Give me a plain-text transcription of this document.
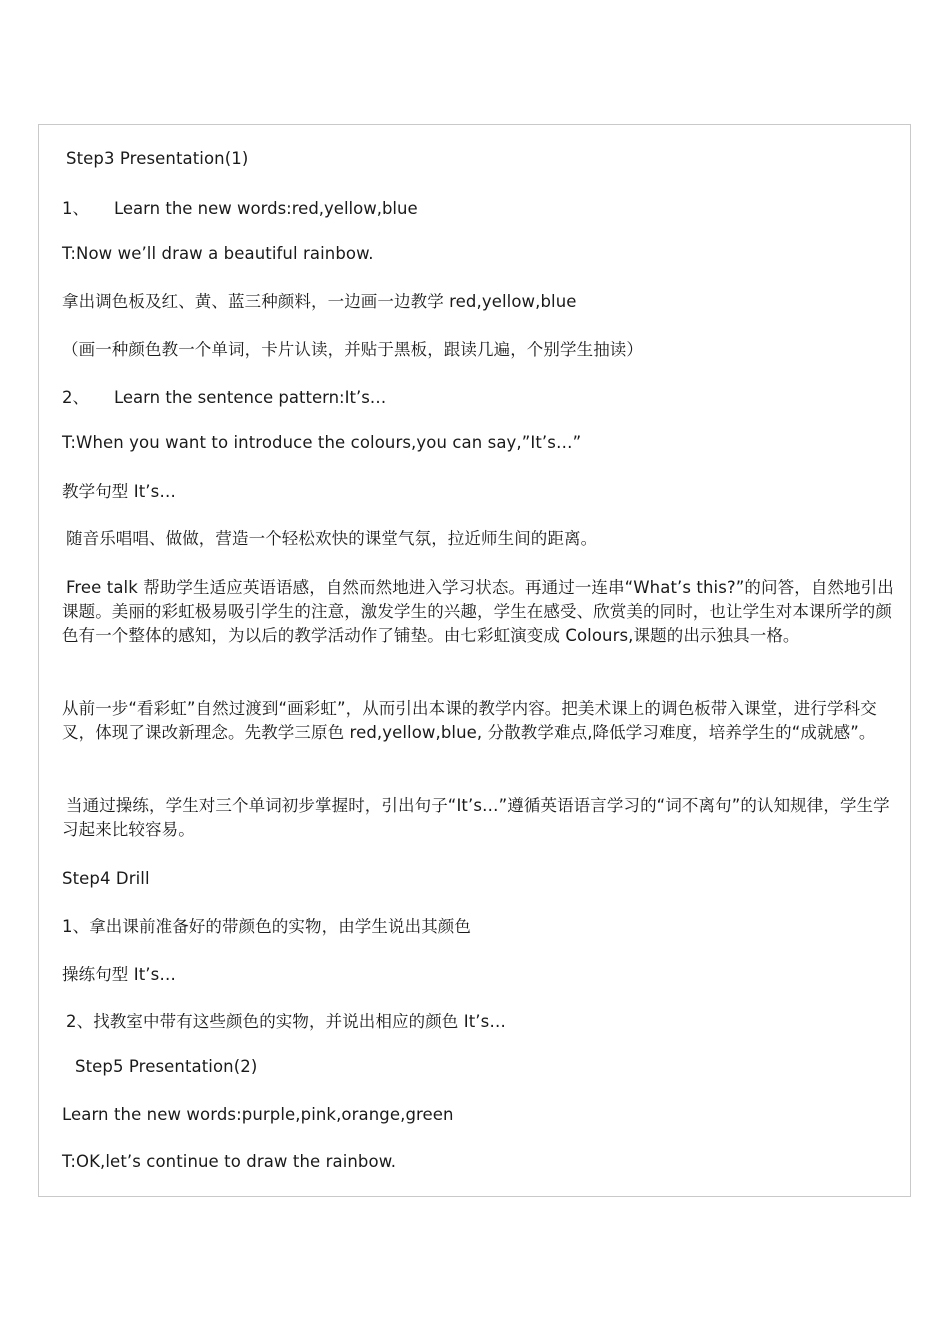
Step3 Presentation(1)

1、 Learn the new words:red,yellow,blue

T:Now we’ll draw a beautiful rainbow.

拿出调色板及红、黄、蓝三种颜料，一边画一边教学 red,yellow,blue

（画一种颜色教一个单词，卡片认读，并贴于黑板，跟读几遍，个别学生抽读）

2、 Learn the sentence pattern:It’s…

T:When you want to introduce the colours,you can say,”It’s…”

教学句型 It’s…

随音乐唱唱、做做，营造一个轻松欢快的课堂气氛，拉近师生间的距离。

Free talk 帮助学生适应英语语感，自然而然地进入学习状态。再通过一连串“What’s this?”的问答，自然地引出课题。美丽的彩虹极易吸引学生的注意，激发学生的兴趣，学生在感受、欣赏美的同时，也让学生对本课所学的颜色有一个整体的感知，为以后的教学活动作了铺垫。由七彩虹演变成 Colours,课题的出示独具一格。

从前一步“看彩虹”自然过渡到“画彩虹”，从而引出本课的教学内容。把美术课上的调色板带入课堂，进行学科交叉，体现了课改新理念。先教学三原色 red,yellow,blue, 分散教学难点,降低学习难度，培养学生的“成就感”。

当通过操练，学生对三个单词初步掌握时，引出句子“It’s…”遵循英语语言学习的“词不离句”的认知规律，学生学习起来比较容易。

Step4 Drill

1、拿出课前准备好的带颜色的实物，由学生说出其颜色

操练句型 It’s…

2、找教室中带有这些颜色的实物，并说出相应的颜色 It’s…

Step5 Presentation(2)

Learn the new words:purple,pink,orange,green

T:OK,let’s continue to draw the rainbow.
